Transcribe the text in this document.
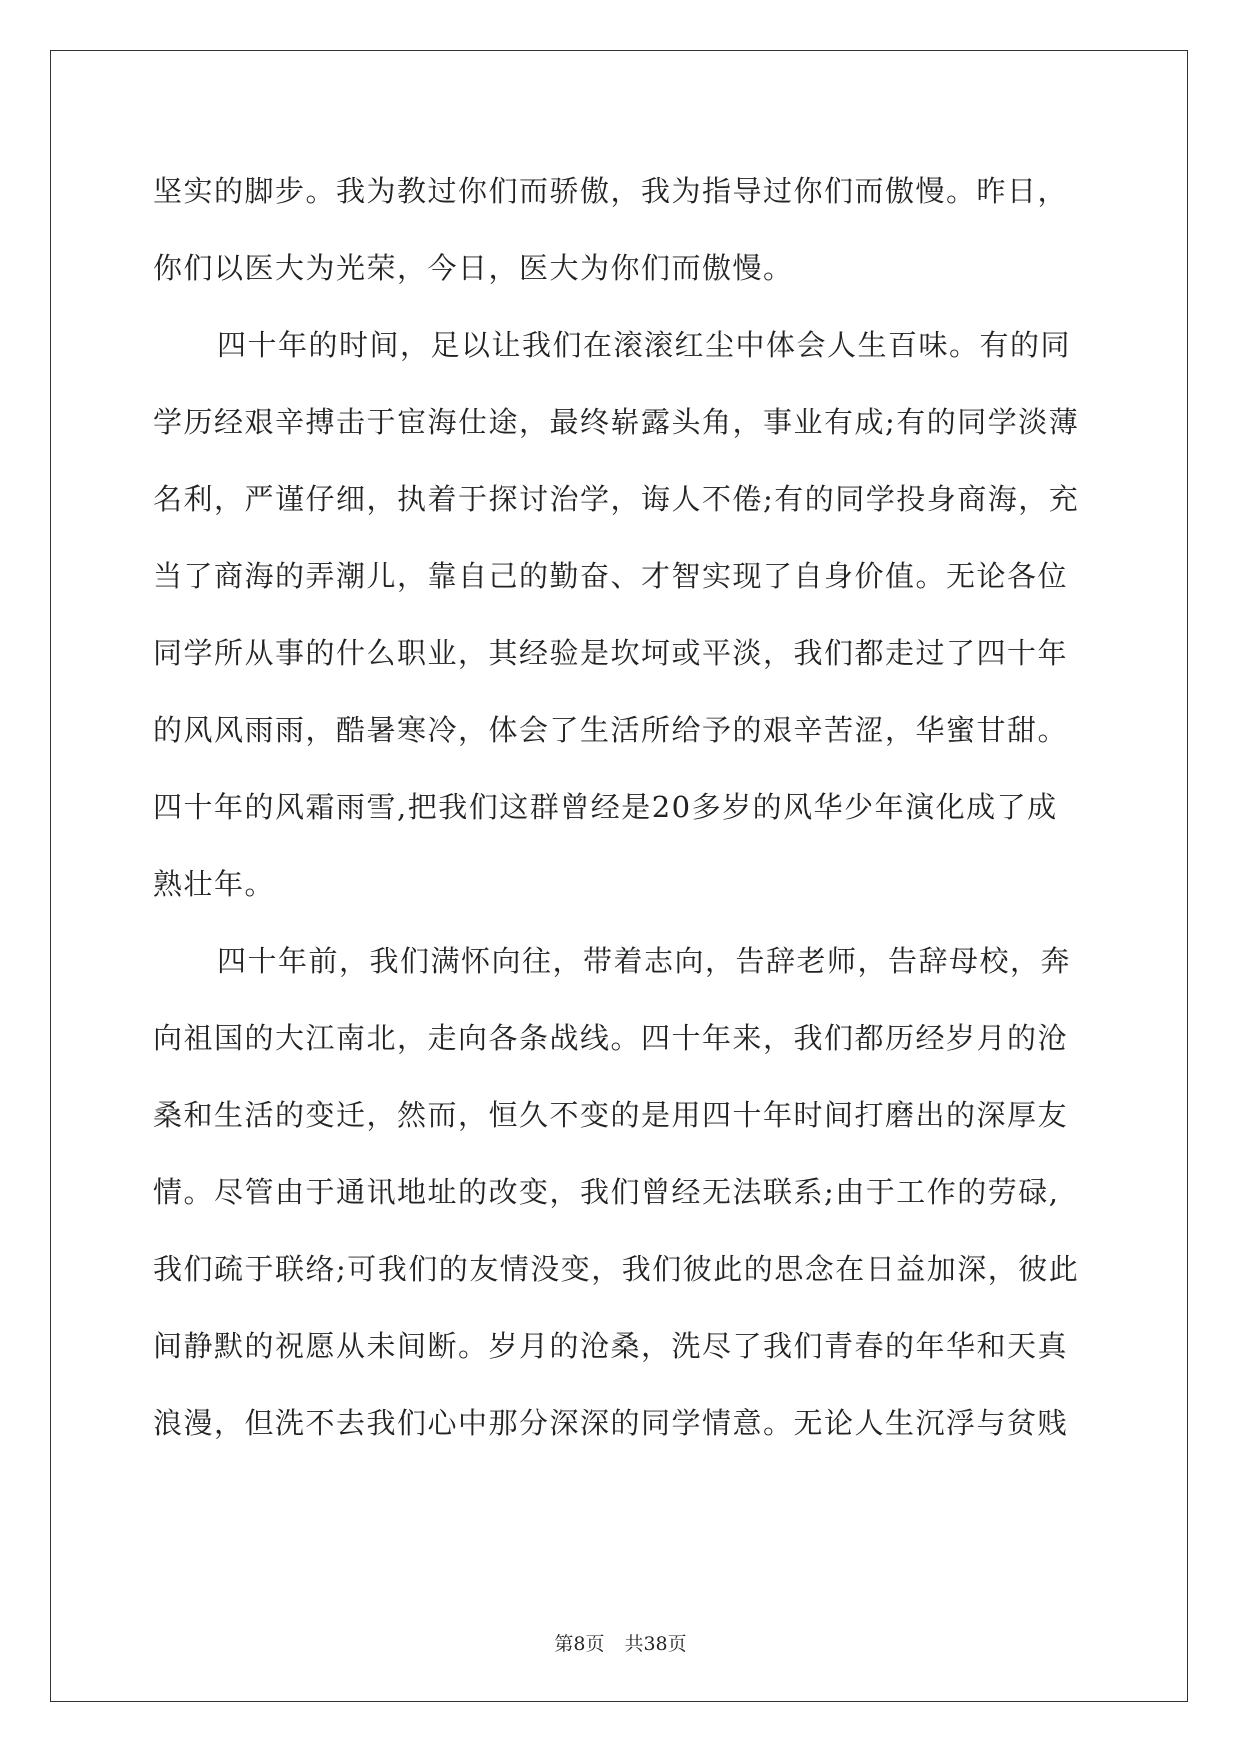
坚实的脚步。我为教过你们而骄傲，我为指导过你们而傲慢。昨日，
你们以医大为光荣，今日，医大为你们而傲慢。
四十年的时间，足以让我们在滚滚红尘中体会人生百味。有的同
学历经艰辛搏击于宦海仕途，最终崭露头角，事业有成;有的同学淡薄
名利，严谨仔细，执着于探讨治学，诲人不倦;有的同学投身商海，充
当了商海的弄潮儿，靠自己的勤奋、才智实现了自身价值。无论各位
同学所从事的什么职业，其经验是坎坷或平淡，我们都走过了四十年
的风风雨雨，酷暑寒冷，体会了生活所给予的艰辛苦涩，华蜜甘甜。
四十年的风霜雨雪,把我们这群曾经是20多岁的风华少年演化成了成
熟壮年。
四十年前，我们满怀向往，带着志向，告辞老师，告辞母校，奔
向祖国的大江南北，走向各条战线。四十年来，我们都历经岁月的沧
桑和生活的变迁，然而，恒久不变的是用四十年时间打磨出的深厚友
情。尽管由于通讯地址的改变，我们曾经无法联系;由于工作的劳碌,
我们疏于联络;可我们的友情没变，我们彼此的思念在日益加深，彼此
间静默的祝愿从未间断。岁月的沧桑，洗尽了我们青春的年华和天真
浪漫，但洗不去我们心中那分深深的同学情意。无论人生沉浮与贫贱
第8页 共38页
